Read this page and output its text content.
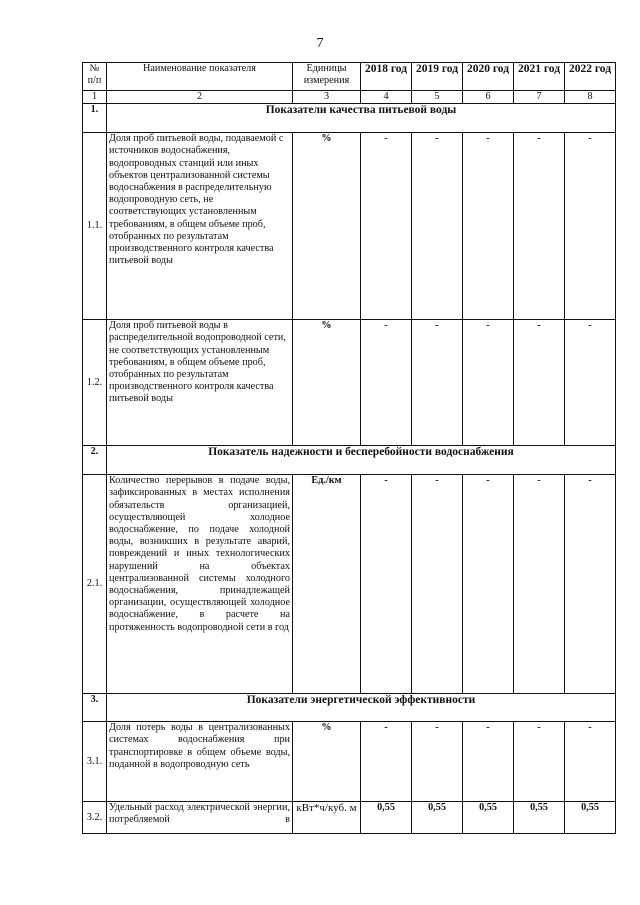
7
№ п/п	Наименование показателя	Единицы измерения	2018 год	2019 год	2020 год	2021 год	2022 год
1	2	3	4	5	6	7	8
1.	Показатели качества питьевой воды						
1.1.	Доля проб питьевой воды, подаваемой с источников водоснабжения, водопроводных станций или иных объектов централизованной системы водоснабжения в распределительную водопроводную сеть, не соответствующих установленным требованиям, в общем объеме проб, отобранных по результатам производственного контроля качества питьевой воды	%	-	-	-	-	-
1.2.	Доля проб питьевой воды в распределительной водопроводной сети, не соответствующих установленным требованиям, в общем объеме проб, отобранных по результатам производственного контроля качества питьевой воды	%	-	-	-	-	-
2.	Показатель надежности и бесперебойности водоснабжения						
2.1.	Количество перерывов в подаче воды, зафиксированных в местах исполнения обязательств организацией, осуществляющей холодное водоснабжение, по подаче холодной воды, возникших в результате аварий, повреждений и иных технологических нарушений на объектах централизованной системы холодного водоснабжения, принадлежащей организации, осуществляющей холодное водоснабжение, в расчете на протяженность водопроводной сети в год	Ед./км	-	-	-	-	-
3.	Показатели энергетической эффективности						
3.1.	Доля потерь воды в централизованных системах водоснабжения при транспортировке в общем объеме воды, поданной в водопроводную сеть	%	-	-	-	-	-
3.2.	Удельный расход электрической энергии, потребляемой в	кВт*ч/куб. м	0,55	0,55	0,55	0,55	0,55
